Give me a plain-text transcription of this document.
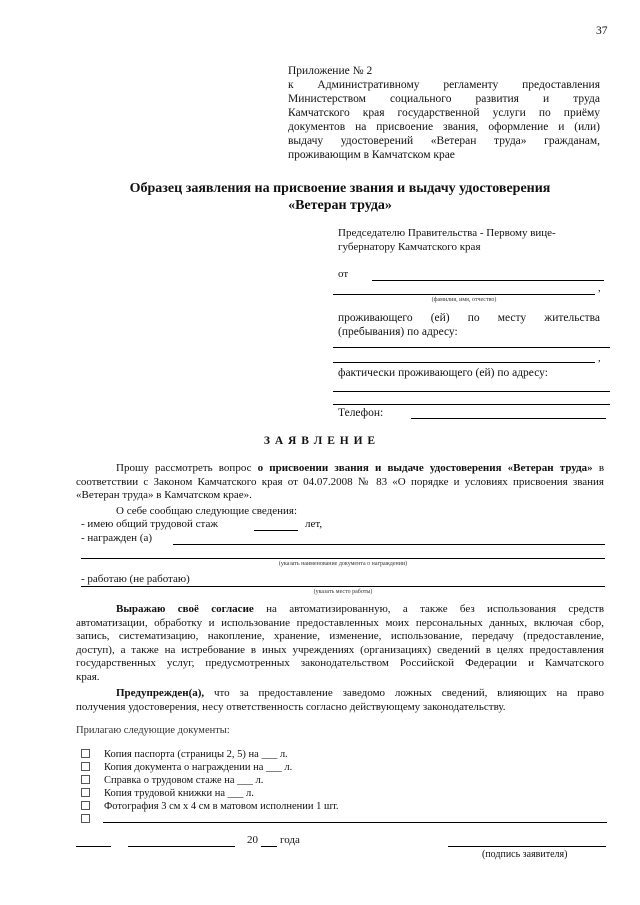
37
Приложение № 2
к Административному регламенту предоставления
Министерством социального развития и труда
Камчатского края государственной услуги по приёму
документов на присвоение звания, оформление и (или)
выдачу удостоверений «Ветеран труда» гражданам,
проживающим в Камчатском крае
Образец заявления на присвоение звания и выдачу удостоверения
«Ветеран труда»
Председателю Правительства - Первому вице-
губернатору Камчатского края
от
,
(фамилия, имя, отчество)
проживающего (ей) по месту жительства
(пребывания) по адресу:
,
фактически проживающего (ей) по адресу:
Телефон:
З А Я В Л Е Н И Е
Прошу рассмотреть вопрос о присвоении звания и выдаче удостоверения «Ветеран труда» в
соответствии с Законом Камчатского края от 04.07.2008 № 83 «О порядке и условиях присвоения звания
«Ветеран труда» в Камчатском крае».
О себе сообщаю следующие сведения:
- имею общий трудовой стаж	лет,
- награжден (а)
(указать наименование документа о награждении)
- работаю (не работаю)
(указать место работы)
Выражаю своё согласие на автоматизированную, а также без использования средств
автоматизации, обработку и использование предоставленных моих персональных данных, включая сбор,
запись, систематизацию, накопление, хранение, изменение, использование, передачу (предоставление,
доступ), а также на истребование в иных учреждениях (организациях) сведений в целях предоставления
государственных услуг, предусмотренных законодательством Российской Федерации и Камчатского
края.
Предупрежден(а), что за предоставление заведомо ложных сведений, влияющих на право
получения удостоверения, несу ответственность согласно действующему законодательству.
Прилагаю следующие документы:
Копия паспорта (страницы 2, 5) на ___ л.
Копия документа о награждении на ___ л.
Справка о трудовом стаже на ___ л.
Копия трудовой книжки на ___ л.
Фотография 3 см х 4 см в матовом исполнении 1 шт.
20 года
(подпись заявителя)
